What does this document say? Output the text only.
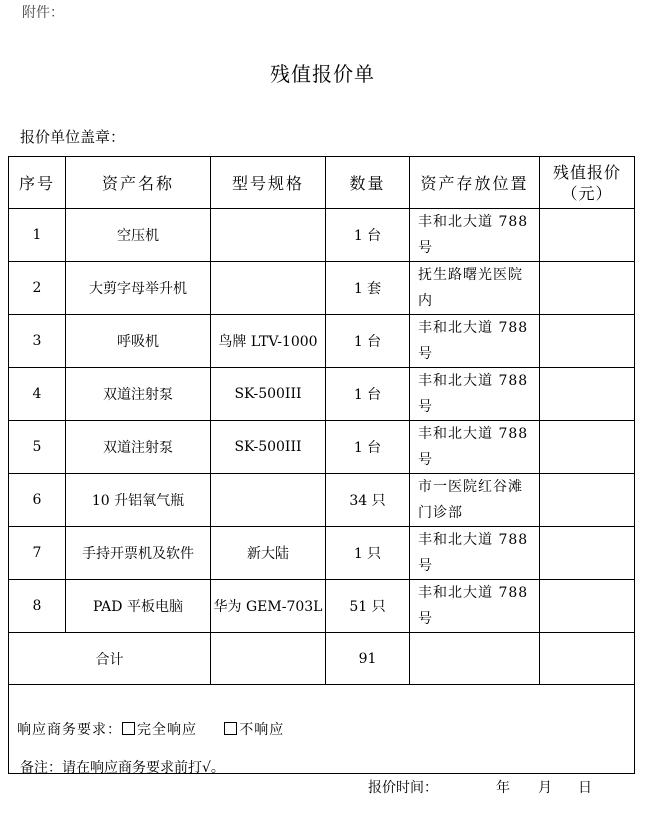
附件：
残值报价单
报价单位盖章：
序号	资产名称	型号规格	数量	资产存放位置	残值报价
（元）
1	空压机		1 台	丰和北大道 788 号	
2	大剪字母举升机		1 套	抚生路曙光医院内	
3	呼吸机	鸟牌 LTV-1000	1 台	丰和北大道 788 号	
4	双道注射泵	SK-500III	1 台	丰和北大道 788 号	
5	双道注射泵	SK-500III	1 台	丰和北大道 788 号	
6	10 升铝氧气瓶		34 只	市一医院红谷滩门诊部	
7	手持开票机及软件	新大陆	1 只	丰和北大道 788 号	
8	PAD 平板电脑	华为 GEM-703L	51 只	丰和北大道 788 号	
合计			91		
响应商务要求： 完全响应 不响应					
备注：请在响应商务要求前打√。
报价时间：	年 月 日
